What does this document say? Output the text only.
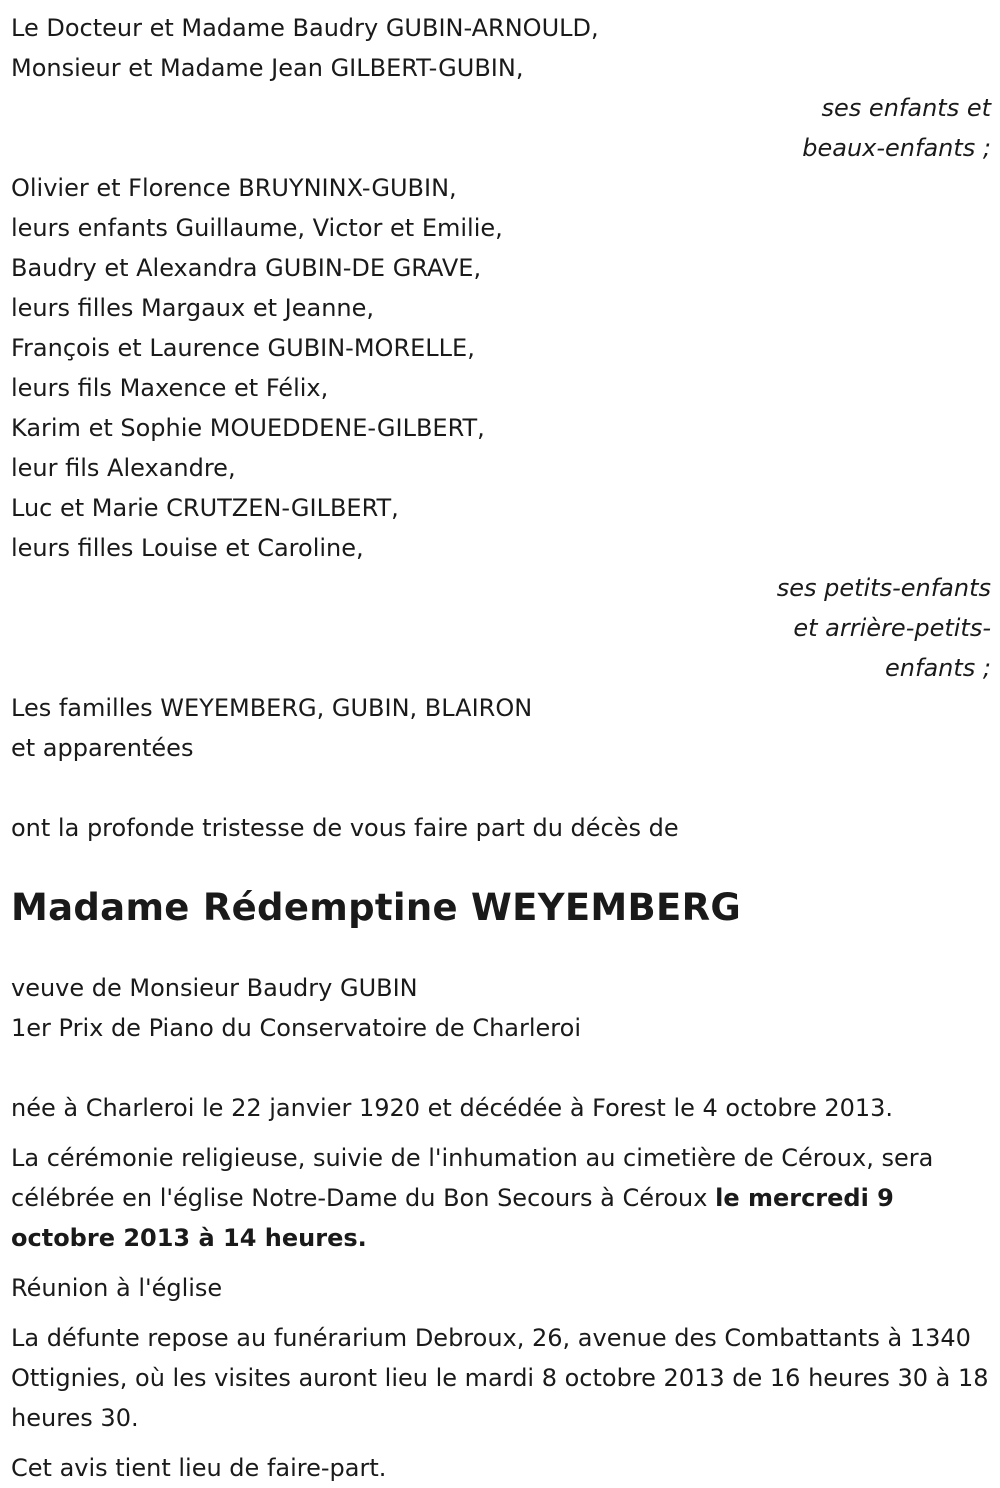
Le Docteur et Madame Baudry GUBIN-ARNOULD,
Monsieur et Madame Jean GILBERT-GUBIN,
ses enfants et
beaux-enfants ;
Olivier et Florence BRUYNINX-GUBIN,
leurs enfants Guillaume, Victor et Emilie,
Baudry et Alexandra GUBIN-DE GRAVE,
leurs filles Margaux et Jeanne,
François et Laurence GUBIN-MORELLE,
leurs fils Maxence et Félix,
Karim et Sophie MOUEDDENE-GILBERT,
leur fils Alexandre,
Luc et Marie CRUTZEN-GILBERT,
leurs filles Louise et Caroline,
ses petits-enfants
et arrière-petits-
enfants ;
Les familles WEYEMBERG, GUBIN, BLAIRON
et apparentées
ont la profonde tristesse de vous faire part du décès de
Madame Rédemptine WEYEMBERG
veuve de Monsieur Baudry GUBIN
1er Prix de Piano du Conservatoire de Charleroi
née à Charleroi le 22 janvier 1920 et décédée à Forest le 4 octobre 2013.
La cérémonie religieuse, suivie de l'inhumation au cimetière de Céroux, sera célébrée en l'église Notre-Dame du Bon Secours à Céroux le mercredi 9 octobre 2013 à 14 heures.
Réunion à l'église
La défunte repose au funérarium Debroux, 26, avenue des Combattants à 1340 Ottignies, où les visites auront lieu le mardi 8 octobre 2013 de 16 heures 30 à 18 heures 30.
Cet avis tient lieu de faire-part.
